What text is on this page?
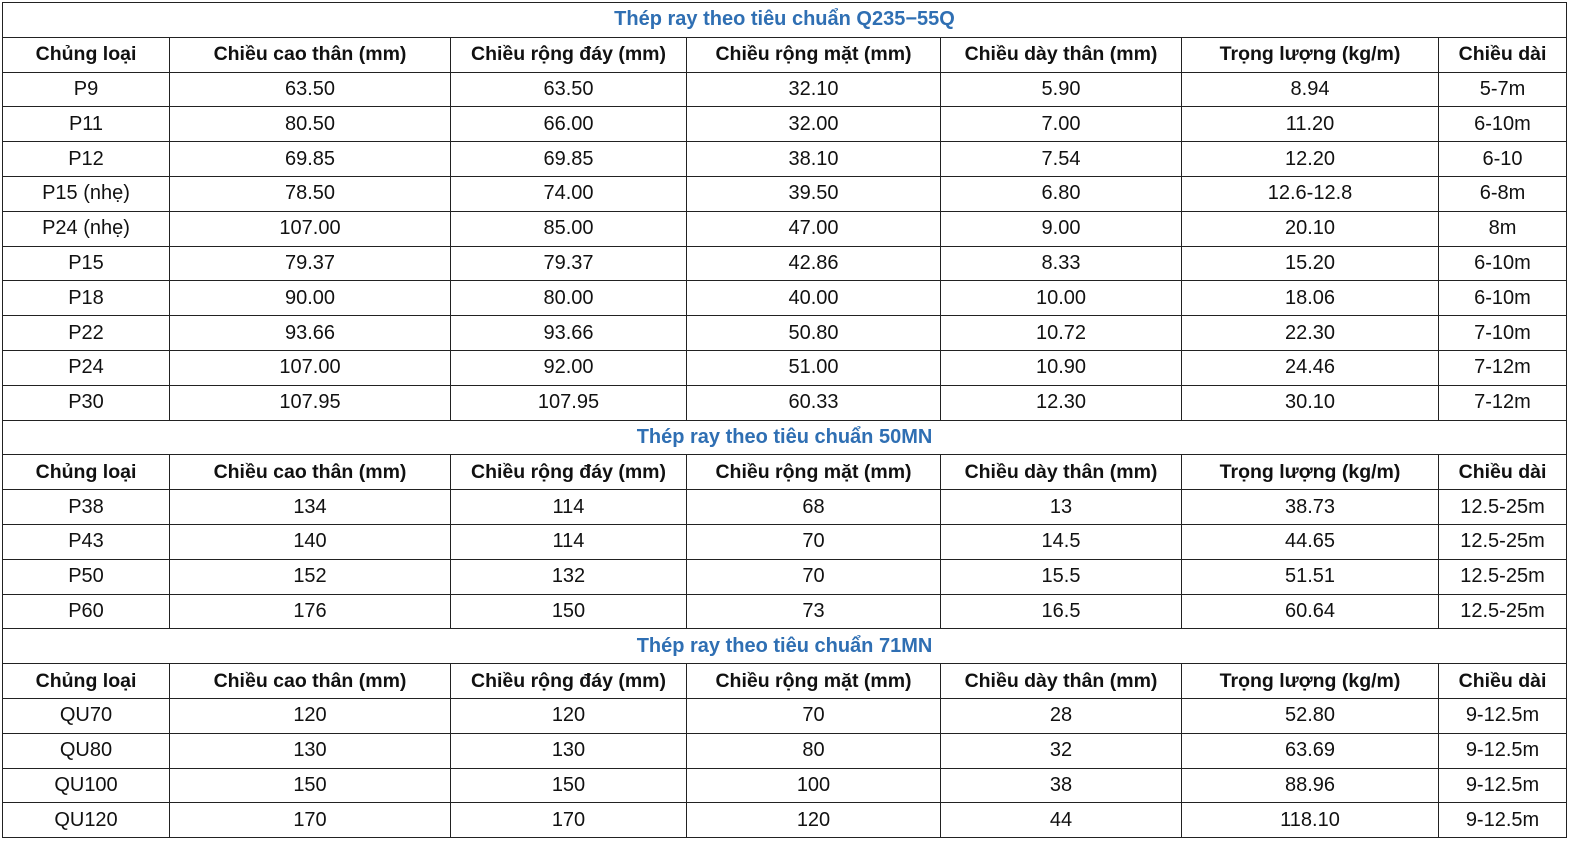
Thép ray theo tiêu chuẩn Q235−55Q						
Chủng loại	Chiều cao thân (mm)	Chiều rộng đáy (mm)	Chiều rộng mặt (mm)	Chiều dày thân (mm)	Trọng lượng (kg/m)	Chiều dài
P9	63.50	63.50	32.10	5.90	8.94	5-7m
P11	80.50	66.00	32.00	7.00	11.20	6-10m
P12	69.85	69.85	38.10	7.54	12.20	6-10
P15 (nhẹ)	78.50	74.00	39.50	6.80	12.6-12.8	6-8m
P24 (nhẹ)	107.00	85.00	47.00	9.00	20.10	8m
P15	79.37	79.37	42.86	8.33	15.20	6-10m
P18	90.00	80.00	40.00	10.00	18.06	6-10m
P22	93.66	93.66	50.80	10.72	22.30	7-10m
P24	107.00	92.00	51.00	10.90	24.46	7-12m
P30	107.95	107.95	60.33	12.30	30.10	7-12m
Thép ray theo tiêu chuẩn 50MN						
Chủng loại	Chiều cao thân (mm)	Chiều rộng đáy (mm)	Chiều rộng mặt (mm)	Chiều dày thân (mm)	Trọng lượng (kg/m)	Chiều dài
P38	134	114	68	13	38.73	12.5-25m
P43	140	114	70	14.5	44.65	12.5-25m
P50	152	132	70	15.5	51.51	12.5-25m
P60	176	150	73	16.5	60.64	12.5-25m
Thép ray theo tiêu chuẩn 71MN						
Chủng loại	Chiều cao thân (mm)	Chiều rộng đáy (mm)	Chiều rộng mặt (mm)	Chiều dày thân (mm)	Trọng lượng (kg/m)	Chiều dài
QU70	120	120	70	28	52.80	9-12.5m
QU80	130	130	80	32	63.69	9-12.5m
QU100	150	150	100	38	88.96	9-12.5m
QU120	170	170	120	44	118.10	9-12.5m
